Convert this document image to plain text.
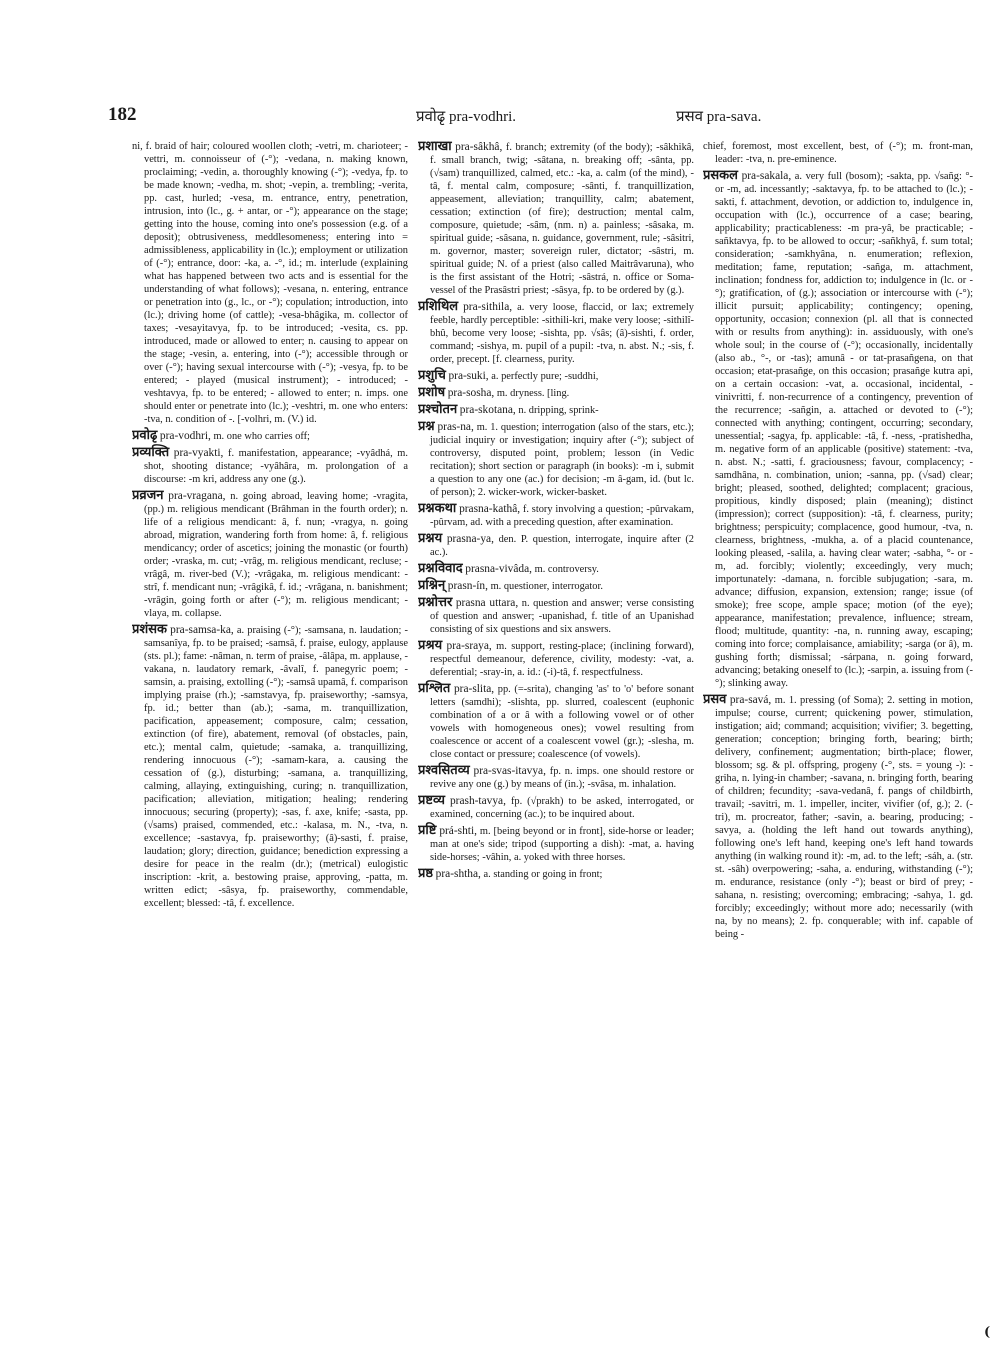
182	प्रवोढृ pra-vodhri.	प्रसव pra-sava.

ni, f. braid of hair; coloured woollen cloth; -vetri, m. charioteer; -vettri, m. connoisseur of (-°); -vedana, n. making known, proclaiming; -vedin, a. thoroughly knowing (-°); -vedya, fp. to be made known; -vedha, m. shot; -vepin, a. trembling; -verita, pp. cast, hurled; -vesa, m. entrance, entry, penetration, intrusion, into (lc., g. + antar, or -°); appearance on the stage; getting into the house, coming into one's possession (e.g. of a deposit); obtrusiveness, meddlesomeness; entering into = admissibleness, applicability in (lc.); employment or utilization of (-°); entrance, door: -ka, a. -°, id.; m. interlude (explaining what has happened between two acts and is essential for the understanding of what follows); -vesana, n. entering, entrance or penetration into (g., lc., or -°); copulation; introduction, into (lc.); driving home (of cattle); -vesa-bhâgika, m. collector of taxes; -vesayitavya, fp. to be introduced; -vesita, cs. pp. introduced, made or allowed to enter; n. causing to appear on the stage; -vesin, a. entering, into (-°); accessible through or over (-°); having sexual intercourse with (-°); -vesya, fp. to be entered; - played (musical instrument); - introduced; -veshtavya, fp. to be entered; - allowed to enter; n. imps. one should enter or penetrate into (lc.); -veshtri, m. one who enters: -tva, n. condition of -. [-volhri, m. (V.) id.

प्रवोढृ pra-vodhri, m. one who carries off;

प्रव्यक्ति pra-vyakti, f. manifestation, appearance; -vyâdhá, m. shot, shooting distance; -vyâhâra, m. prolongation of a discourse: -m kri, address any one (g.).

प्रव्रजन pra-vragana, n. going abroad, leaving home; -vragita, (pp.) m. religious mendicant (Brâhman in the fourth order); n. life of a religious mendicant: â, f. nun; -vragya, n. going abroad, migration, wandering forth from home: â, f. religious mendicancy; order of ascetics; joining the monastic (or fourth) order; -vraska, m. cut; -vrâg, m. religious mendicant, recluse; -vrâgâ, m. river-bed (V.); -vrâgaka, m. religious mendicant: -strî, f. mendicant nun; -vrâgikâ, f. id.; -vrâgana, n. banishment; -vrâgin, going forth or after (-°); m. religious mendicant; -vlaya, m. collapse.

प्रशंसक pra-samsa-ka, a. praising (-°); -samsana, n. laudation; -samsanîya, fp. to be praised; -samsâ, f. praise, eulogy, applause (sts. pl.); fame: -nâman, n. term of praise, -âlâpa, m. applause, -vakana, n. laudatory remark, -âvalî, f. panegyric poem; -samsin, a. praising, extolling (-°); -samsâ upamâ, f. comparison implying praise (rh.); -samstavya, fp. praiseworthy; -samsya, fp. id.; better than (ab.); -sama, m. tranquillization, pacification, appeasement; composure, calm; cessation, extinction (of fire), abatement, removal (of obstacles, pain, etc.); mental calm, quietude; -samaka, a. tranquillizing, rendering innocuous (-°); -samam-kara, a. causing the cessation of (g.), disturbing; -samana, a. tranquillizing, calming, allaying, extinguishing, curing; n. tranquillization, pacification; alleviation, mitigation; healing; rendering innocuous; securing (property); -sas, f. axe, knife; -sasta, pp. (√sams) praised, commended, etc.: -kalasa, m. N., -tva, n. excellence; -sastavya, fp. praiseworthy; (â)-sasti, f. praise, laudation; glory; direction, guidance; benediction expressing a desire for peace in the realm (dr.); (metrical) eulogistic inscription: -krit, a. bestowing praise, approving, -patta, m. written edict; -sâsya, fp. praiseworthy, commendable, excellent; blessed: -tâ, f. excellence.

प्रशाखा pra-sâkhâ, f. branch; extremity (of the body); -sâkhikâ, f. small branch, twig; -sâtana, n. breaking off; -sânta, pp. (√sam) tranquillized, calmed, etc.: -ka, a. calm (of the mind), -tâ, f. mental calm, composure; -sânti, f. tranquillization, appeasement, alleviation; tranquillity, calm; abatement, cessation; extinction (of fire); destruction; mental calm, composure, quietude; -sâm, (nm. n) a. painless; -sâsaka, m. spiritual guide; -sâsana, n. guidance, government, rule; -sâsitri, m. governor, master; sovereign ruler, dictator; -sâstri, m. spiritual guide; N. of a priest (also called Maitrâvaruna), who is the first assistant of the Hotri; -sâstrá, n. office or Soma-vessel of the Prasâstri priest; -sâsya, fp. to be ordered by (g.).

प्रशिथिल pra-sithila, a. very loose, flaccid, or lax; extremely feeble, hardly perceptible: -sithili-kri, make very loose; -sithilî-bhû, become very loose; -sishta, pp. √sâs; (â)-sishti, f. order, command; -sishya, m. pupil of a pupil: -tva, n. abst. N.; -sis, f. order, precept. [f. clearness, purity.

प्रशुचि pra-suki, a. perfectly pure; -suddhi,

प्रशोष pra-sosha, m. dryness. [ling.

प्रश्चोतन pra-skotana, n. dripping, sprink-

प्रश्न pras-na, m. 1. question; interrogation (also of the stars, etc.); judicial inquiry or investigation; inquiry after (-°); subject of controversy, disputed point, problem; lesson (in Vedic recitation); short section or paragraph (in books): -m i, submit a question to any one (ac.) for decision; -m â-gam, id. (but lc. of person); 2. wicker-work, wicker-basket.

प्रश्नकथा prasna-kathâ, f. story involving a question; -pûrvakam, -pûrvam, ad. with a preceding question, after examination.

प्रश्नय prasna-ya, den. P. question, interrogate, inquire after (2 ac.).

प्रश्नविवाद prasna-vivâda, m. controversy.

प्रश्निन् prasn-ín, m. questioner, interrogator.

प्रश्नोत्तर prasna uttara, n. question and answer; verse consisting of question and answer; -upanishad, f. title of an Upanishad consisting of six questions and six answers.

प्रश्रय pra-sraya, m. support, resting-place; (inclining forward), respectful demeanour, deference, civility, modesty: -vat, a. deferential; -sray-in, a. id.: (-i)-tâ, f. respectfulness.

प्रश्लित pra-slita, pp. (=-srita), changing 'as' to 'o' before sonant letters (samdhi); -slishta, pp. slurred, coalescent (euphonic combination of a or â with a following vowel or of other vowels with homogeneous ones); vowel resulting from coalescence or accent of a coalescent vowel (gr.); -slesha, m. close contact or pressure; coalescence (of vowels).

प्रश्वसितव्य pra-svas-itavya, fp. n. imps. one should restore or revive any one (g.) by means of (in.); -svâsa, m. inhalation.

प्रष्टव्य prash-tavya, fp. (√prakh) to be asked, interrogated, or examined, concerning (ac.); to be inquired about.

प्रष्टि prá-shti, m. [being beyond or in front], side-horse or leader; man at one's side; tripod (supporting a dish): -mat, a. having side-horses; -vâhin, a. yoked with three horses.

प्रष्ठ pra-shtha, a. standing or going in front;

chief, foremost, most excellent, best, of (-°); m. front-man, leader: -tva, n. pre-eminence.

प्रसकल pra-sakala, a. very full (bosom); -sakta, pp. √sañg: °- or -m, ad. incessantly; -saktavya, fp. to be attached to (lc.); -sakti, f. attachment, devotion, or addiction to, indulgence in, occupation with (lc.), occurrence of a case; bearing, applicability; practicableness: -m pra-yâ, be practicable; -sañktavya, fp. to be allowed to occur; -sañkhyâ, f. sum total; consideration; -samkhyâna, n. enumeration; reflexion, meditation; fame, reputation; -sañga, m. attachment, inclination; fondness for, addiction to; indulgence in (lc. or -°); gratification, of (g.); association or intercourse with (-°); illicit pursuit; applicability; contingency; opening, opportunity, occasion; connexion (pl. all that is connected with or results from anything): in. assiduously, with one's whole soul; in the course of (-°); occasionally, incidentally (also ab., °-, or -tas); amunâ - or tat-prasañgena, on that occasion; etat-prasañge, on this occasion; prasañge kutra api, on a certain occasion: -vat, a. occasional, incidental, -vinivritti, f. non-recurrence of a contingency, prevention of the recurrence; -sañgin, a. attached or devoted to (-°); connected with anything; contingent, occurring; secondary, unessential; -sagya, fp. applicable: -tâ, f. -ness, -pratishedha, m. negative form of an applicable (positive) statement: -tva, n. abst. N.; -satti, f. graciousness; favour, complacency; -samdhâna, n. combination, union; -sanna, pp. (√sad) clear; bright; pleased, soothed, delighted; complacent; gracious, propitious, kindly disposed; plain (meaning); distinct (impression); correct (supposition): -tâ, f. clearness, purity; brightness; perspicuity; complacence, good humour, -tva, n. clearness, brightness, -mukha, a. of a placid countenance, looking pleased, -salila, a. having clear water; -sabha, °- or -m, ad. forcibly; violently; exceedingly, very much; importunately: -damana, n. forcible subjugation; -sara, m. advance; diffusion, expansion, extension; range; issue (of smoke); free scope, ample space; motion (of the eye); appearance, manifestation; prevalence, influence; stream, flood; multitude, quantity: -na, n. running away, escaping; coming into force; complaisance, amiability; -sarga (or â), m. gushing forth; dismissal; -sárpana, n. going forward, advancing; betaking oneself to (lc.); -sarpin, a. issuing from (-°); slinking away.

प्रसव pra-savá, m. 1. pressing (of Soma); 2. setting in motion, impulse; course, current; quickening power, stimulation, instigation; aid; command; acquisition; vivifier; 3. begetting, generation; conception; bringing forth, bearing; birth; delivery, confinement; augmentation; birth-place; flower, blossom; sg. & pl. offspring, progeny (-°, sts. = young -): -griha, n. lying-in chamber; -savana, n. bringing forth, bearing of children; fecundity; -sava-vedanâ, f. pangs of childbirth, travail; -savitri, m. 1. impeller, inciter, vivifier (of, g.); 2. (-tri), m. procreator, father; -savin, a. bearing, producing; -savya, a. (holding the left hand out towards anything), following one's left hand, keeping one's left hand towards anything (in walking round it): -m, ad. to the left; -sáh, a. (str. st. -sâh) overpowering; -saha, a. enduring, withstanding (-°); m. endurance, resistance (only -°); beast or bird of prey; -sahana, n. resisting; overcoming; embracing; -sahya, 1. gd. forcibly; exceedingly; without more ado; necessarily (with na, by no means); 2. fp. conquerable; with inf. capable of being -

(
